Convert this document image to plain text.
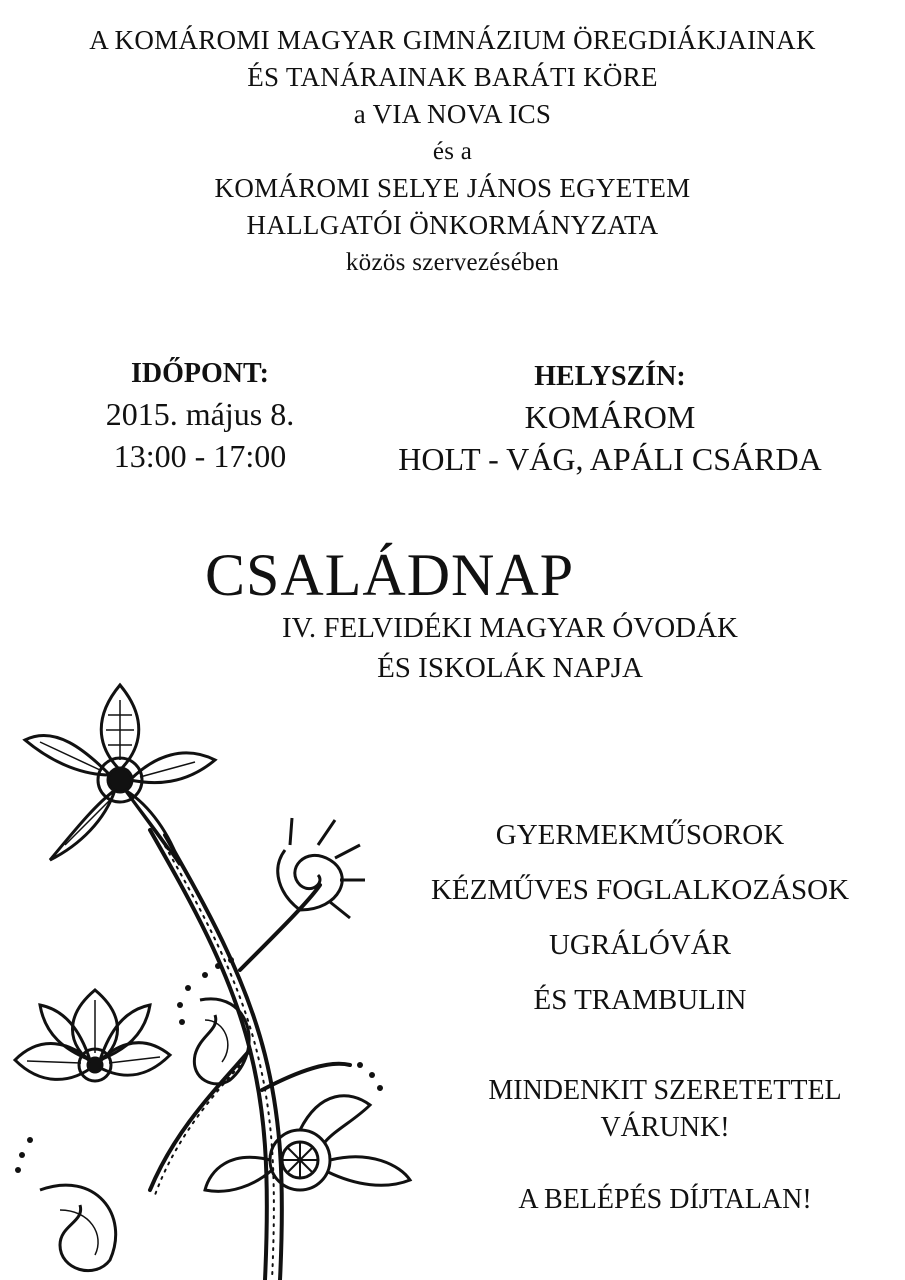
A KOMÁROMI MAGYAR GIMNÁZIUM ÖREGDIÁKJAINAK
ÉS TANÁRAINAK BARÁTI KÖRE
a VIA NOVA ICS
és a
KOMÁROMI SELYE JÁNOS EGYETEM
HALLGATÓI ÖNKORMÁNYZATA
közös szervezésében
IDŐPONT:
2015. május 8.
13:00 - 17:00
HELYSZÍN:
KOMÁROM
HOLT - VÁG, APÁLI CSÁRDA
CSALÁDNAP
IV. FELVIDÉKI MAGYAR ÓVODÁK
ÉS ISKOLÁK NAPJA
GYERMEKMŰSOROK
KÉZMŰVES FOGLALKOZÁSOK
UGRÁLÓVÁR
ÉS TRAMBULIN
MINDENKIT SZERETETTEL
VÁRUNK!
A BELÉPÉS DÍJTALAN!
